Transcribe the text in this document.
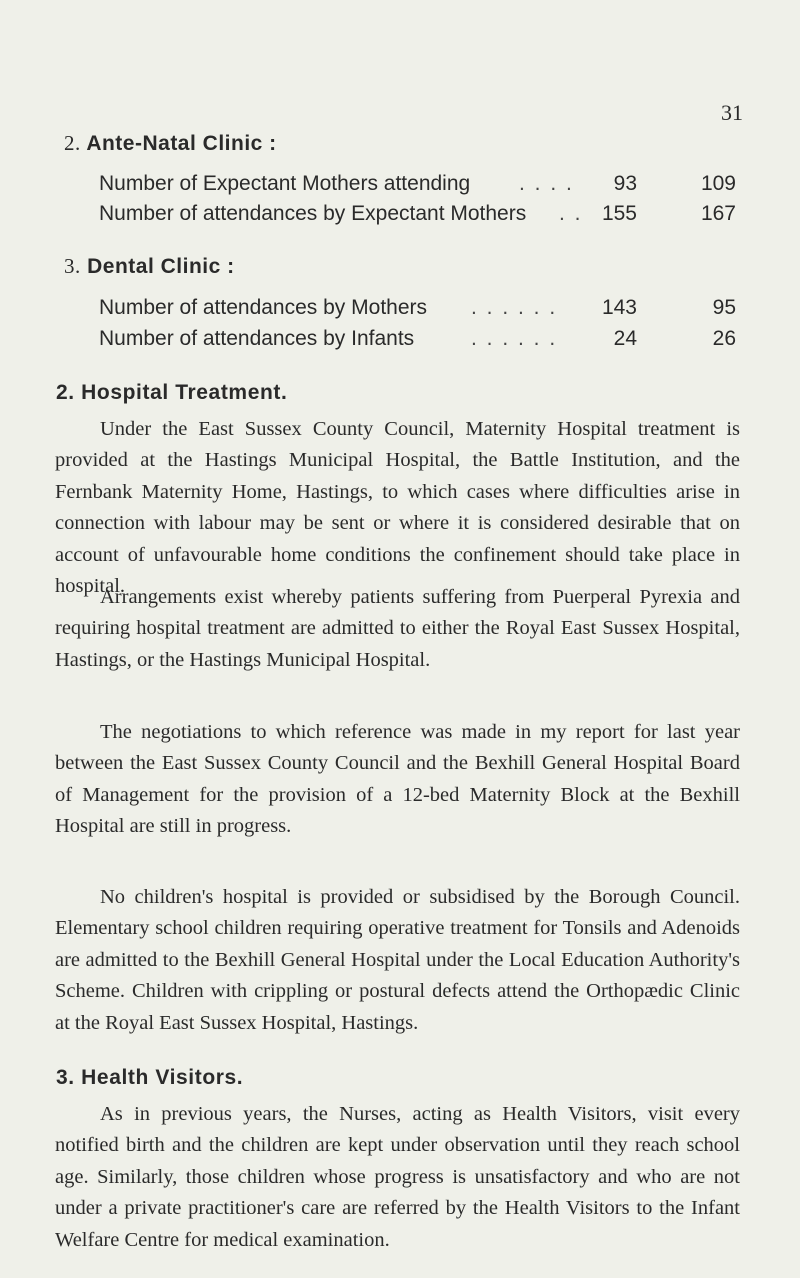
31
2. Ante-Natal Clinic :
Number of Expectant Mothers attending . . . . 93	109
Number of attendances by Expectant Mothers . . 155	167
3. Dental Clinic :
Number of attendances by Mothers . . . . . . 143	95
Number of attendances by Infants	. . . . . .	24	26
2. Hospital Treatment.

Under the East Sussex County Council, Maternity Hospital treatment is provided at the Hastings Municipal Hospital, the Battle Institution, and the Fernbank Maternity Home, Hastings, to which cases where difficulties arise in connection with labour may be sent or where it is considered desirable that on account of unfavourable home conditions the confinement should take place in hospital.

Arrangements exist whereby patients suffering from Puerperal Pyrexia and requiring hospital treatment are admitted to either the Royal East Sussex Hospital, Hastings, or the Hastings Municipal Hospital.

The negotiations to which reference was made in my report for last year between the East Sussex County Council and the Bexhill General Hospital Board of Management for the provision of a 12-bed Maternity Block at the Bexhill Hospital are still in progress.

No children's hospital is provided or subsidised by the Borough Council. Elementary school children requiring operative treatment for Tonsils and Adenoids are admitted to the Bexhill General Hospital under the Local Education Authority's Scheme. Children with crippling or postural defects attend the Orthopædic Clinic at the Royal East Sussex Hospital, Hastings.

3. Health Visitors.

As in previous years, the Nurses, acting as Health Visitors, visit every notified birth and the children are kept under observation until they reach school age. Similarly, those children whose progress is unsatisfactory and who are not under a private practitioner's care are referred by the Health Visitors to the Infant Welfare Centre for medical examination.
